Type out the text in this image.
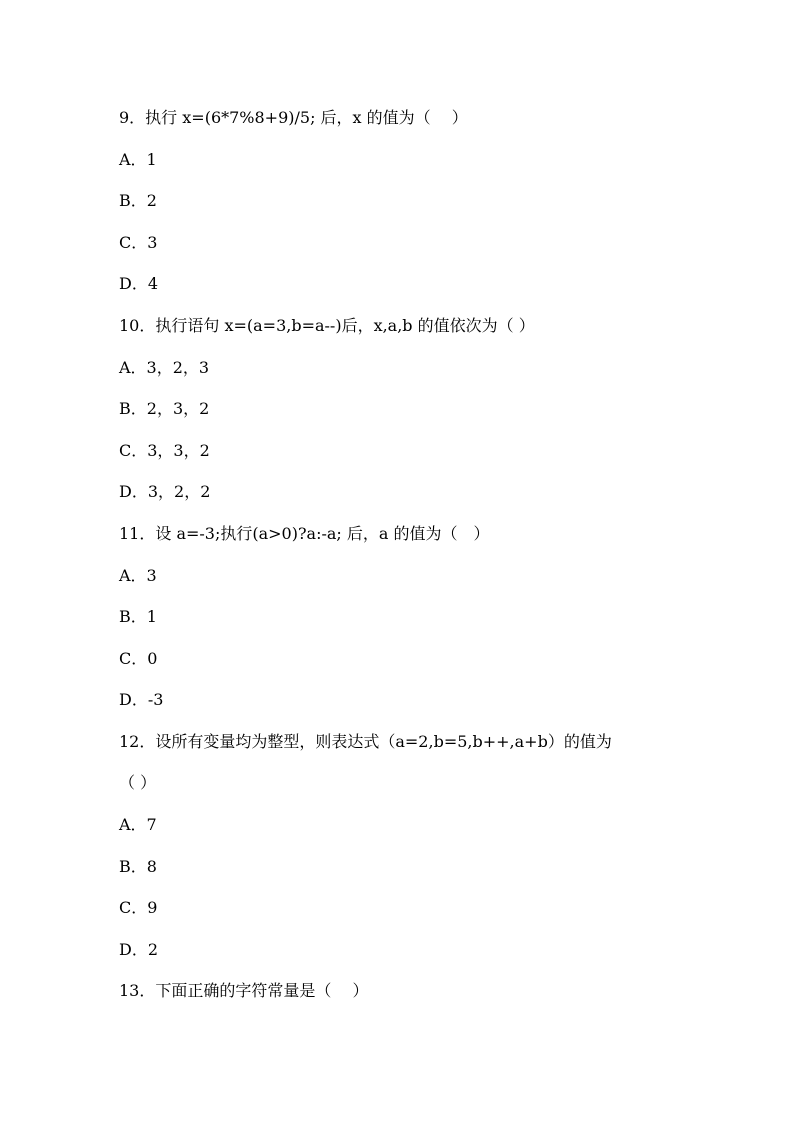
9．执行 x=(6*7%8+9)/5; 后，x 的值为（　 ）
A．1
B．2
C．3
D．4
10．执行语句 x=(a=3,b=a--)后，x,a,b 的值依次为（ ）
A．3，2，3
B．2，3，2
C．3，3，2
D．3，2，2
11．设 a=-3;执行(a>0)?a:-a; 后，a 的值为（　）
A．3
B．1
C．0
D．-3
12．设所有变量均为整型，则表达式（a=2,b=5,b++,a+b）的值为
（ ）
A．7
B．8
C．9
D．2
13．下面正确的字符常量是（　 ）
